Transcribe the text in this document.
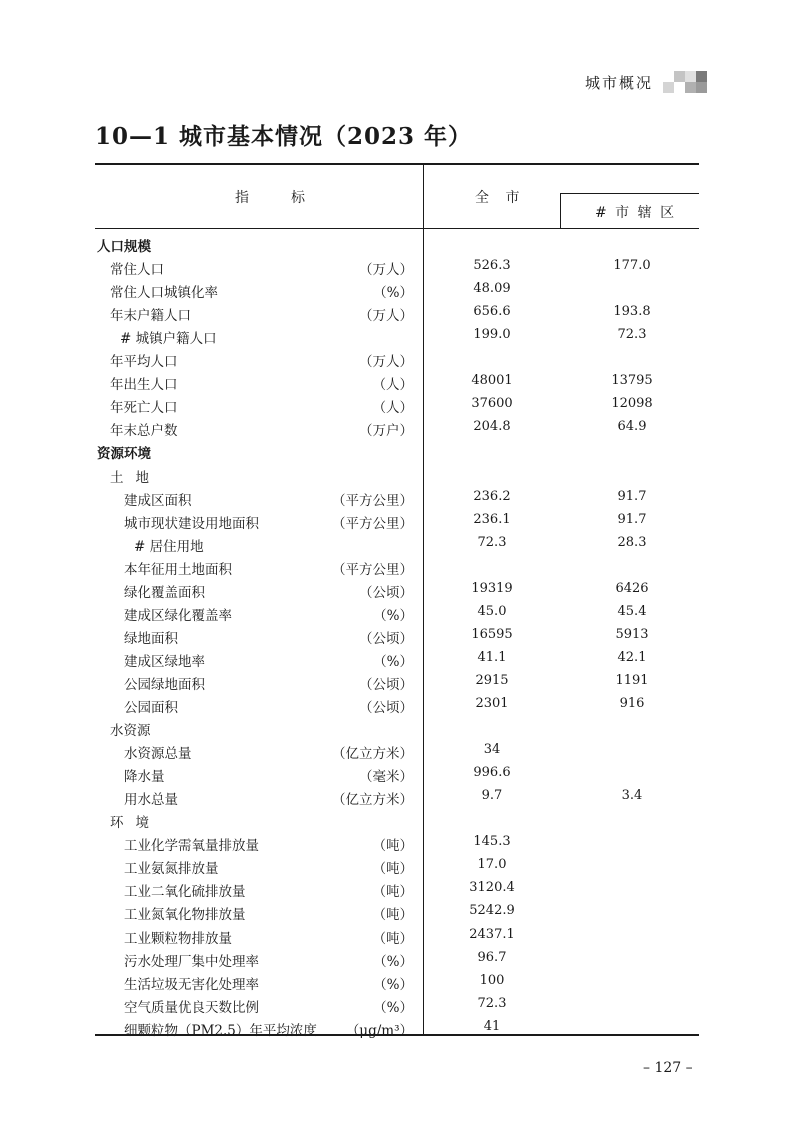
城市概况
10—1 城市基本情况（2023 年）
指　标	全 市
# 市 辖 区
人口规模
常住人口	（万人）	526.3	177.0
常住人口城镇化率	（%）	48.09
年末户籍人口	（万人）	656.6	193.8
# 城镇户籍人口	199.0	72.3
年平均人口	（万人）
年出生人口	（人）	48001	13795
年死亡人口	（人）	37600	12098
年末总户数	（万户）	204.8	64.9
资源环境
土地
建成区面积	（平方公里）	236.2	91.7
城市现状建设用地面积	（平方公里）	236.1	91.7
# 居住用地	72.3	28.3
本年征用土地面积	（平方公里）
绿化覆盖面积	（公顷）	19319	6426
建成区绿化覆盖率	（%）	45.0	45.4
绿地面积	（公顷）	16595	5913
建成区绿地率	（%）	41.1	42.1
公园绿地面积	（公顷）	2915	1191
公园面积	（公顷）	2301	916
水资源
水资源总量	（亿立方米）	34
降水量	（毫米）	996.6
用水总量	（亿立方米）	9.7	3.4
环境
工业化学需氧量排放量	（吨）	145.3
工业氨氮排放量	（吨）	17.0
工业二氧化硫排放量	（吨）	3120.4
工业氮氧化物排放量	（吨）	5242.9
工业颗粒物排放量	（吨）	2437.1
污水处理厂集中处理率	（%）	96.7
生活垃圾无害化处理率	（%）	100
空气质量优良天数比例	（%）	72.3
细颗粒物（PM2.5）年平均浓度 （μg/m³）	41
– 127 –
